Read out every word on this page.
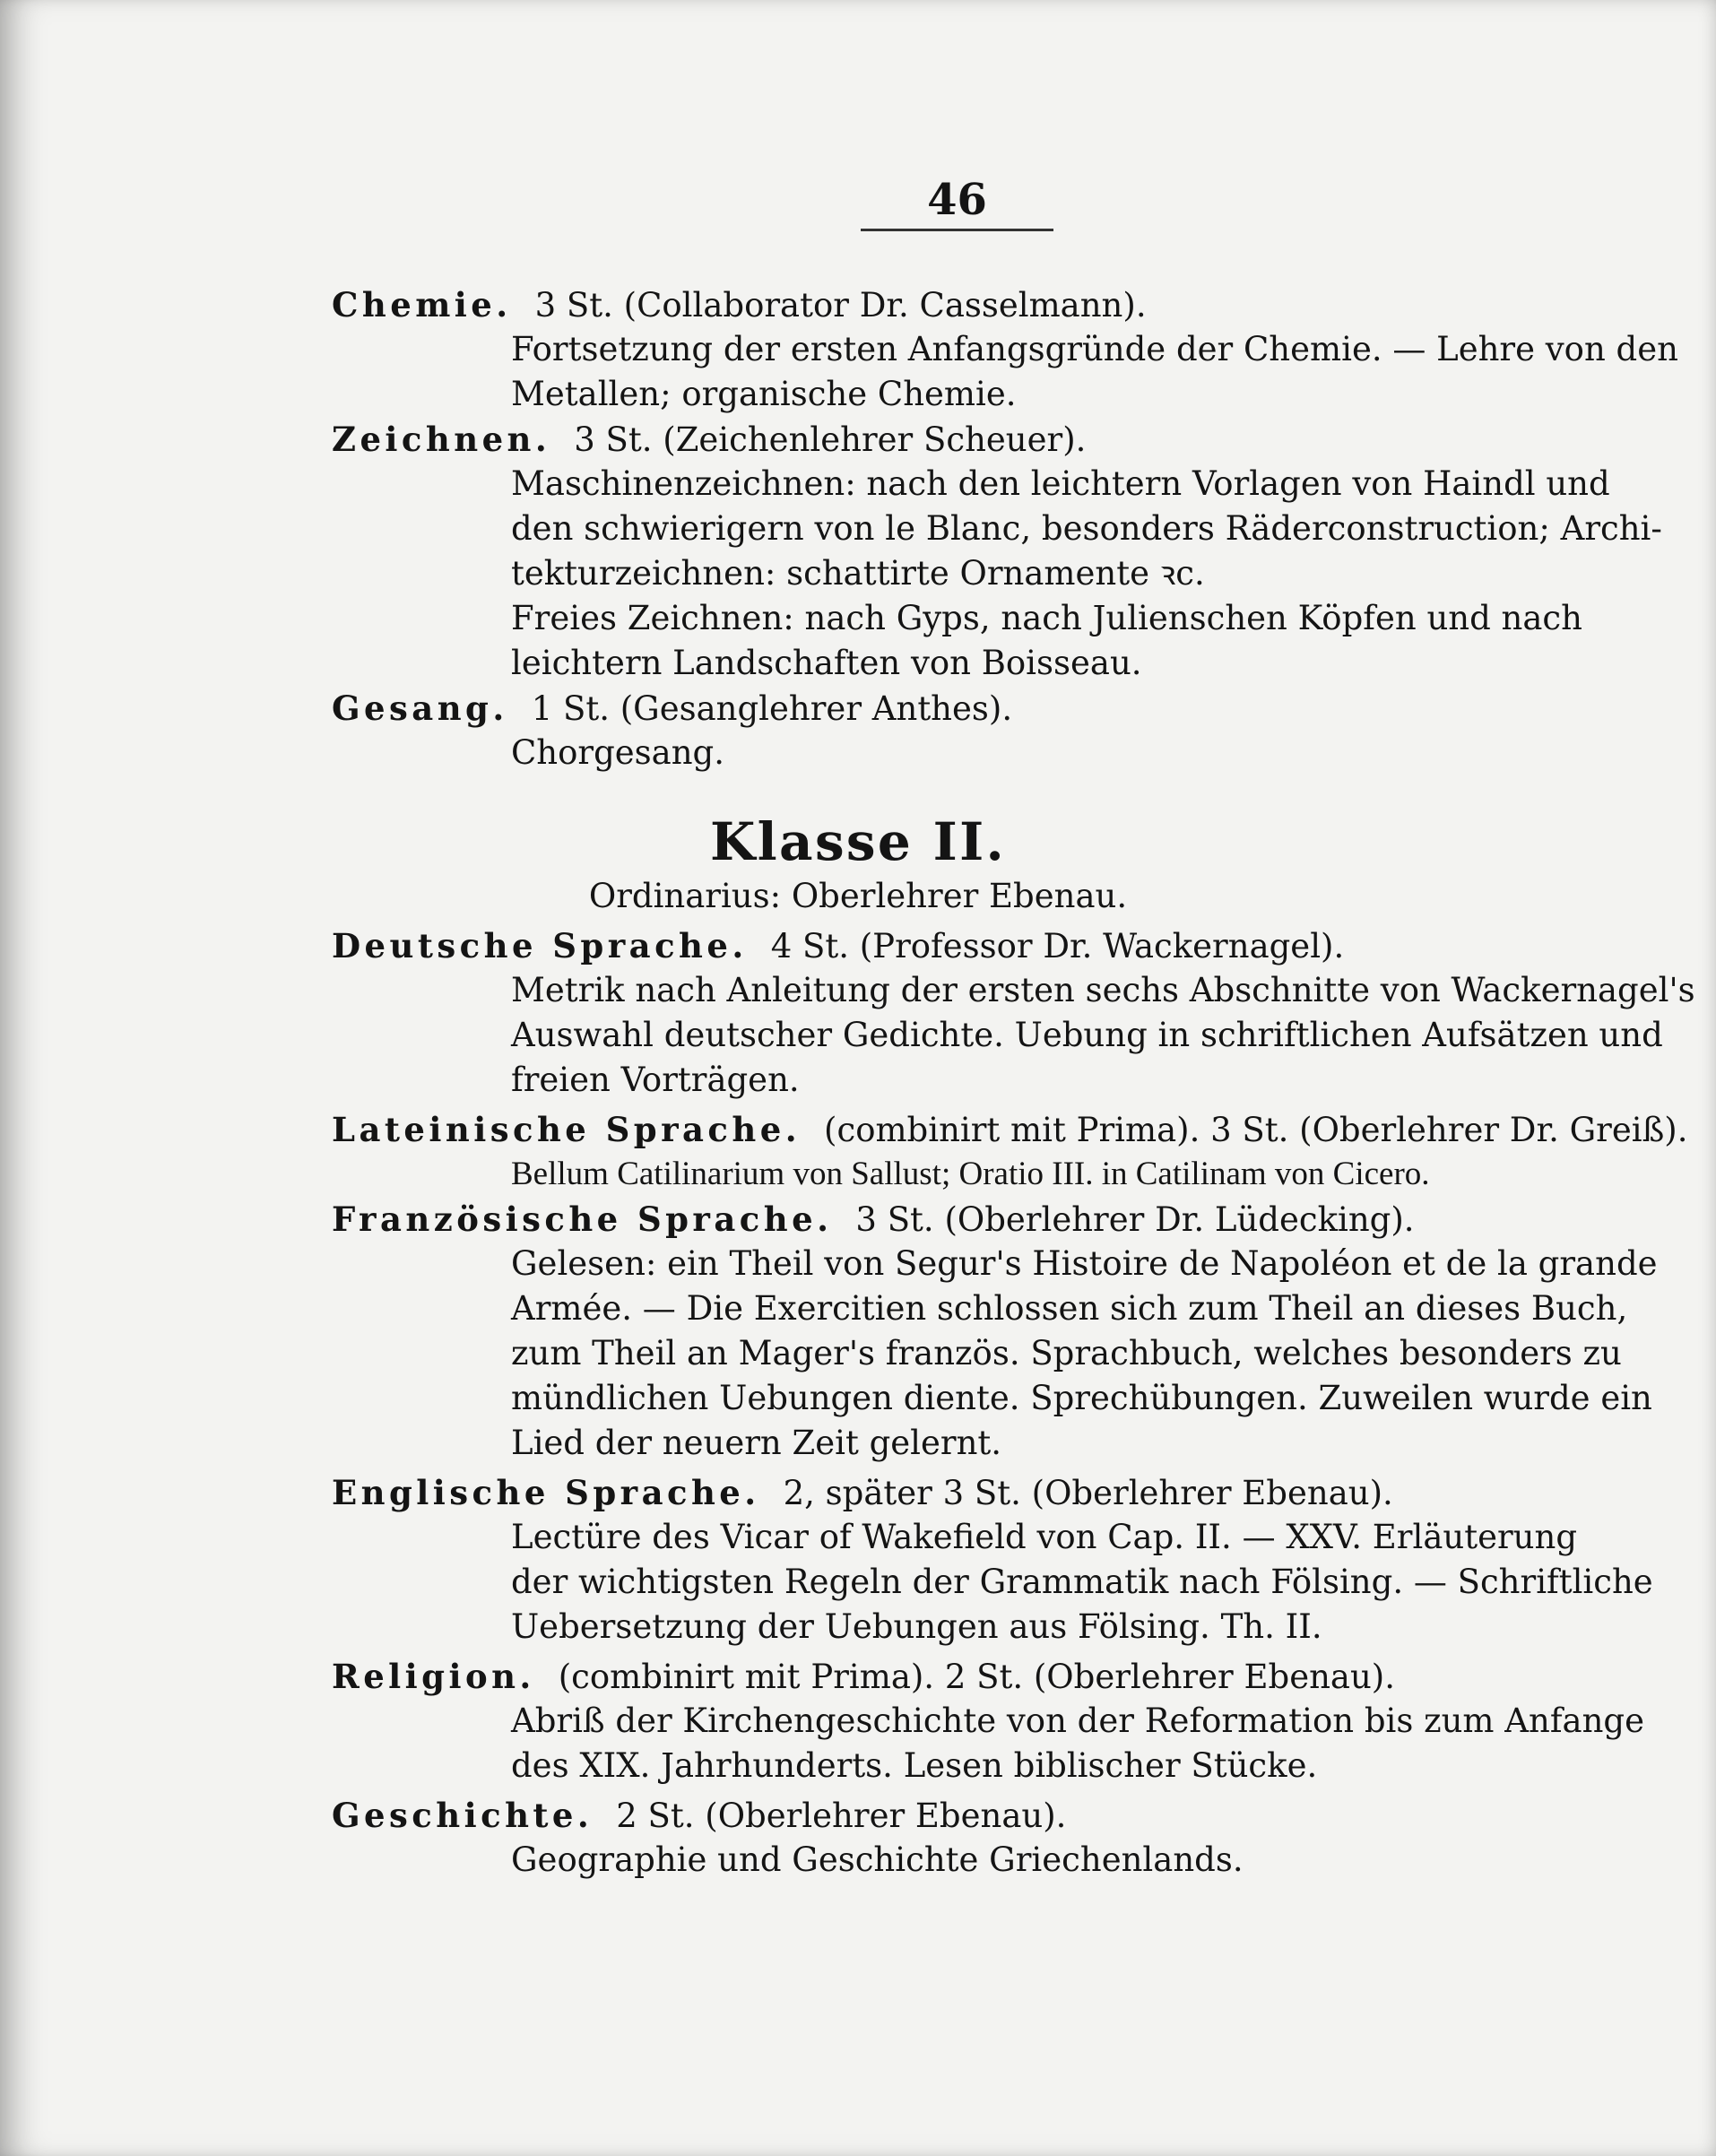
46
Chemie. 3 St. (Collaborator Dr. Casselmann).
Fortsetzung der ersten Anfangsgründe der Chemie. — Lehre von den
Metallen; organische Chemie.
Zeichnen. 3 St. (Zeichenlehrer Scheuer).
Maschinenzeichnen: nach den leichtern Vorlagen von Haindl und
den schwierigern von le Blanc, besonders Räderconstruction; Archi-
tekturzeichnen: schattirte Ornamente ꝛc.
Freies Zeichnen: nach Gyps, nach Julienschen Köpfen und nach
leichtern Landschaften von Boisseau.
Gesang. 1 St. (Gesanglehrer Anthes).
Chorgesang.
Klasse II.
Ordinarius: Oberlehrer Ebenau.
Deutsche Sprache. 4 St. (Professor Dr. Wackernagel).
Metrik nach Anleitung der ersten sechs Abschnitte von Wackernagel's
Auswahl deutscher Gedichte. Uebung in schriftlichen Aufsätzen und
freien Vorträgen.
Lateinische Sprache. (combinirt mit Prima). 3 St. (Oberlehrer Dr. Greiß).
Bellum Catilinarium von Sallust; Oratio III. in Catilinam von Cicero.
Französische Sprache. 3 St. (Oberlehrer Dr. Lüdecking).
Gelesen: ein Theil von Segur's Histoire de Napoléon et de la grande
Armée. — Die Exercitien schlossen sich zum Theil an dieses Buch,
zum Theil an Mager's französ. Sprachbuch, welches besonders zu
mündlichen Uebungen diente. Sprechübungen. Zuweilen wurde ein
Lied der neuern Zeit gelernt.
Englische Sprache. 2, später 3 St. (Oberlehrer Ebenau).
Lectüre des Vicar of Wakefield von Cap. II. — XXV. Erläuterung
der wichtigsten Regeln der Grammatik nach Fölsing. — Schriftliche
Uebersetzung der Uebungen aus Fölsing. Th. II.
Religion. (combinirt mit Prima). 2 St. (Oberlehrer Ebenau).
Abriß der Kirchengeschichte von der Reformation bis zum Anfange
des XIX. Jahrhunderts. Lesen biblischer Stücke.
Geschichte. 2 St. (Oberlehrer Ebenau).
Geographie und Geschichte Griechenlands.
